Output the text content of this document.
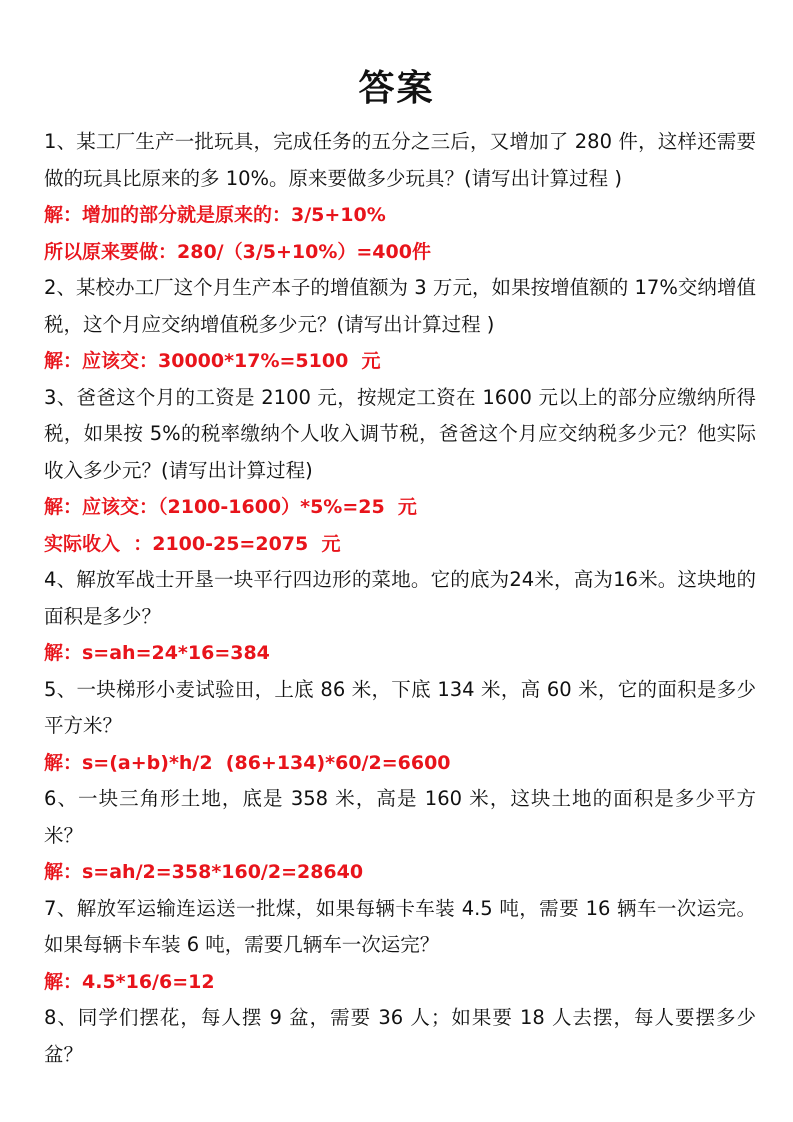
答案

1、某工厂生产一批玩具，完成任务的五分之三后，又增加了 280 件，这样还需要做的玩具比原来的多 10%。原来要做多少玩具？(请写出计算过程 )

解：增加的部分就是原来的：3/5+10%

所以原来要做：280/（3/5+10%）=400件

2、某校办工厂这个月生产本子的增值额为 3 万元，如果按增值额的 17%交纳增值税，这个月应交纳增值税多少元？(请写出计算过程 )

解：应该交：30000*17%=5100  元

3、爸爸这个月的工资是 2100 元，按规定工资在 1600 元以上的部分应缴纳所得税，如果按 5%的税率缴纳个人收入调节税，爸爸这个月应交纳税多少元？他实际收入多少元？(请写出计算过程)

解：应该交：（2100-1600）*5%=25  元

实际收入  ：2100-25=2075  元

4、解放军战士开垦一块平行四边形的菜地。它的底为24米，高为16米。这块地的面积是多少？

解：s=ah=24*16=384

5、一块梯形小麦试验田，上底 86 米，下底 134 米，高 60 米，它的面积是多少平方米？

解：s=(a+b)*h/2  (86+134)*60/2=6600

6、一块三角形土地，底是 358 米，高是 160 米，这块土地的面积是多少平方米？

解：s=ah/2=358*160/2=28640

7、解放军运输连运送一批煤，如果每辆卡车装 4.5 吨，需要 16 辆车一次运完。如果每辆卡车装 6 吨，需要几辆车一次运完？

解：4.5*16/6=12

8、同学们摆花，每人摆 9 盆，需要 36 人；如果要 18 人去摆，每人要摆多少盆？
